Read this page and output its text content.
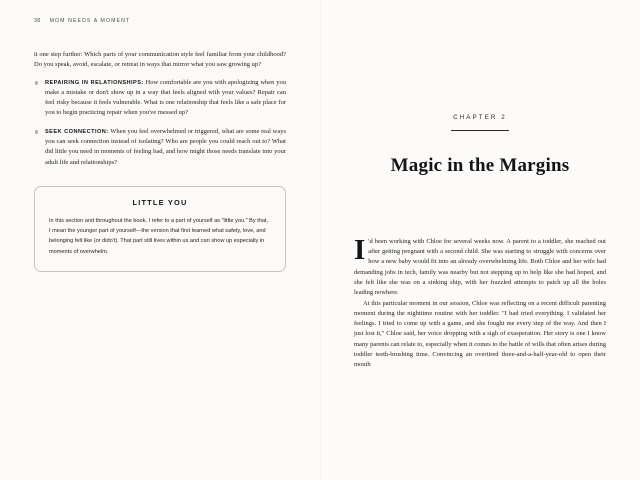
38 MOM NEEDS A MOMENT

it one step further: Which parts of your communication style feel familiar from your childhood? Do you speak, avoid, escalate, or retreat in ways that mirror what you saw growing up?

REPAIRING IN RELATIONSHIPS: How comfortable are you with apologizing when you make a mistake or don't show up in a way that feels aligned with your values? Repair can feel risky because it feels vulnerable. What is one relationship that feels like a safe place for you to begin practicing repair when you've messed up?
SEEK CONNECTION: When you feel overwhelmed or triggered, what are some real ways you can seek connection instead of isolating? Who are people you could reach out to? What did little you need in moments of feeling bad, and how might those needs translate into your adult life and relationships?
LITTLE YOU
In this section and throughout the book, I refer to a part of yourself as "little you." By that, I mean the younger part of yourself—the version that first learned what safety, love, and belonging felt like (or didn't). That part still lives within us and can show up especially in moments of overwhelm.
CHAPTER 2
Magic in the Margins

I 'd been working with Chloe for several weeks now. A parent to a toddler, she reached out after getting pregnant with a second child. She was starting to struggle with concerns over how a new baby would fit into an already overwhelming life. Both Chloe and her wife had demanding jobs in tech, family was nearby but not stepping up to help like she had hoped, and she felt like she was on a sinking ship, with her frazzled attempts to patch up all the holes leading nowhere.

At this particular moment in our session, Chloe was reflecting on a recent difficult parenting moment during the nighttime routine with her toddler. "I had tried everything. I validated her feelings. I tried to come up with a game, and she fought me every step of the way. And then I just lost it," Chloe said, her voice dropping with a sigh of exasperation. Her story is one I know many parents can relate to, especially when it comes to the battle of wills that often arises during toddler teeth-brushing time. Convincing an overtired three-and-a-half-year-old to open their mouth
